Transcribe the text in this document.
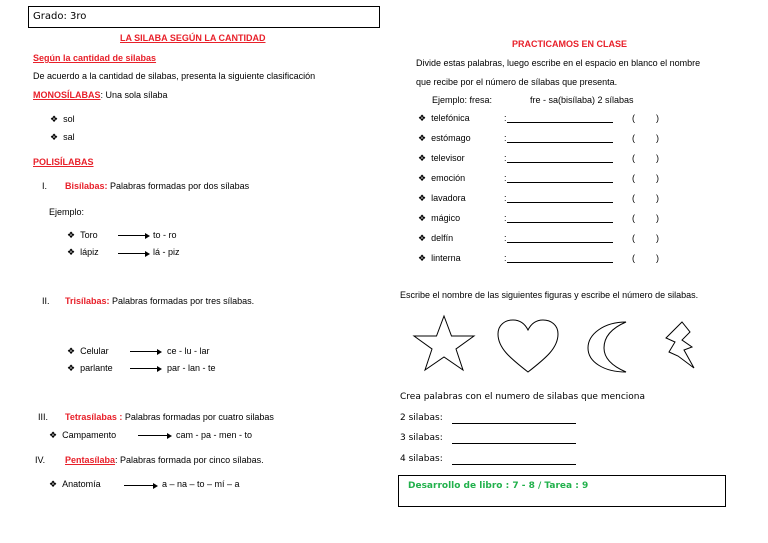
Grado: 3ro
LA SILABA SEGÚN LA CANTIDAD
Según la cantidad de silabas
De acuerdo a la cantidad de silabas, presenta la siguiente clasificación
MONOSÍLABAS: Una sola sílaba
❖ sol
❖ sal
POLISÍLABAS
I. Bisílabas: Palabras formadas por dos sílabas
Ejemplo:
❖ Toro	to - ro
❖ lápiz	lá - piz
II. Trisílabas: Palabras formadas por tres sílabas.
❖ Celular	ce - lu - lar
❖ parlante	par - lan - te
III. Tetrasílabas : Palabras formadas por cuatro silabas
❖ Campamento	cam - pa - men - to
IV. Pentasílaba: Palabras formada por cinco sílabas.
❖ Anatomía	a – na – to – mí – a
PRACTICAMOS EN CLASE
Divide estas palabras, luego escribe en el espacio en blanco el nombre
que recibe por el número de sílabas que presenta.
Ejemplo: fresa:	fre - sa(bisílaba) 2 sílabas
❖ telefónica	:	( )
❖ estómago	:	( )
❖ televisor	:	( )
❖ emoción	:	( )
❖ lavadora	:	( )
❖ mágico	:	( )
❖ delfín	:	( )
❖ linterna	:	( )
Escribe el nombre de las siguientes figuras y escribe el número de silabas.
Crea palabras con el numero de silabas que menciona
2 silabas:
3 silabas:
4 silabas:
Desarrollo de libro : 7 - 8 / Tarea : 9
